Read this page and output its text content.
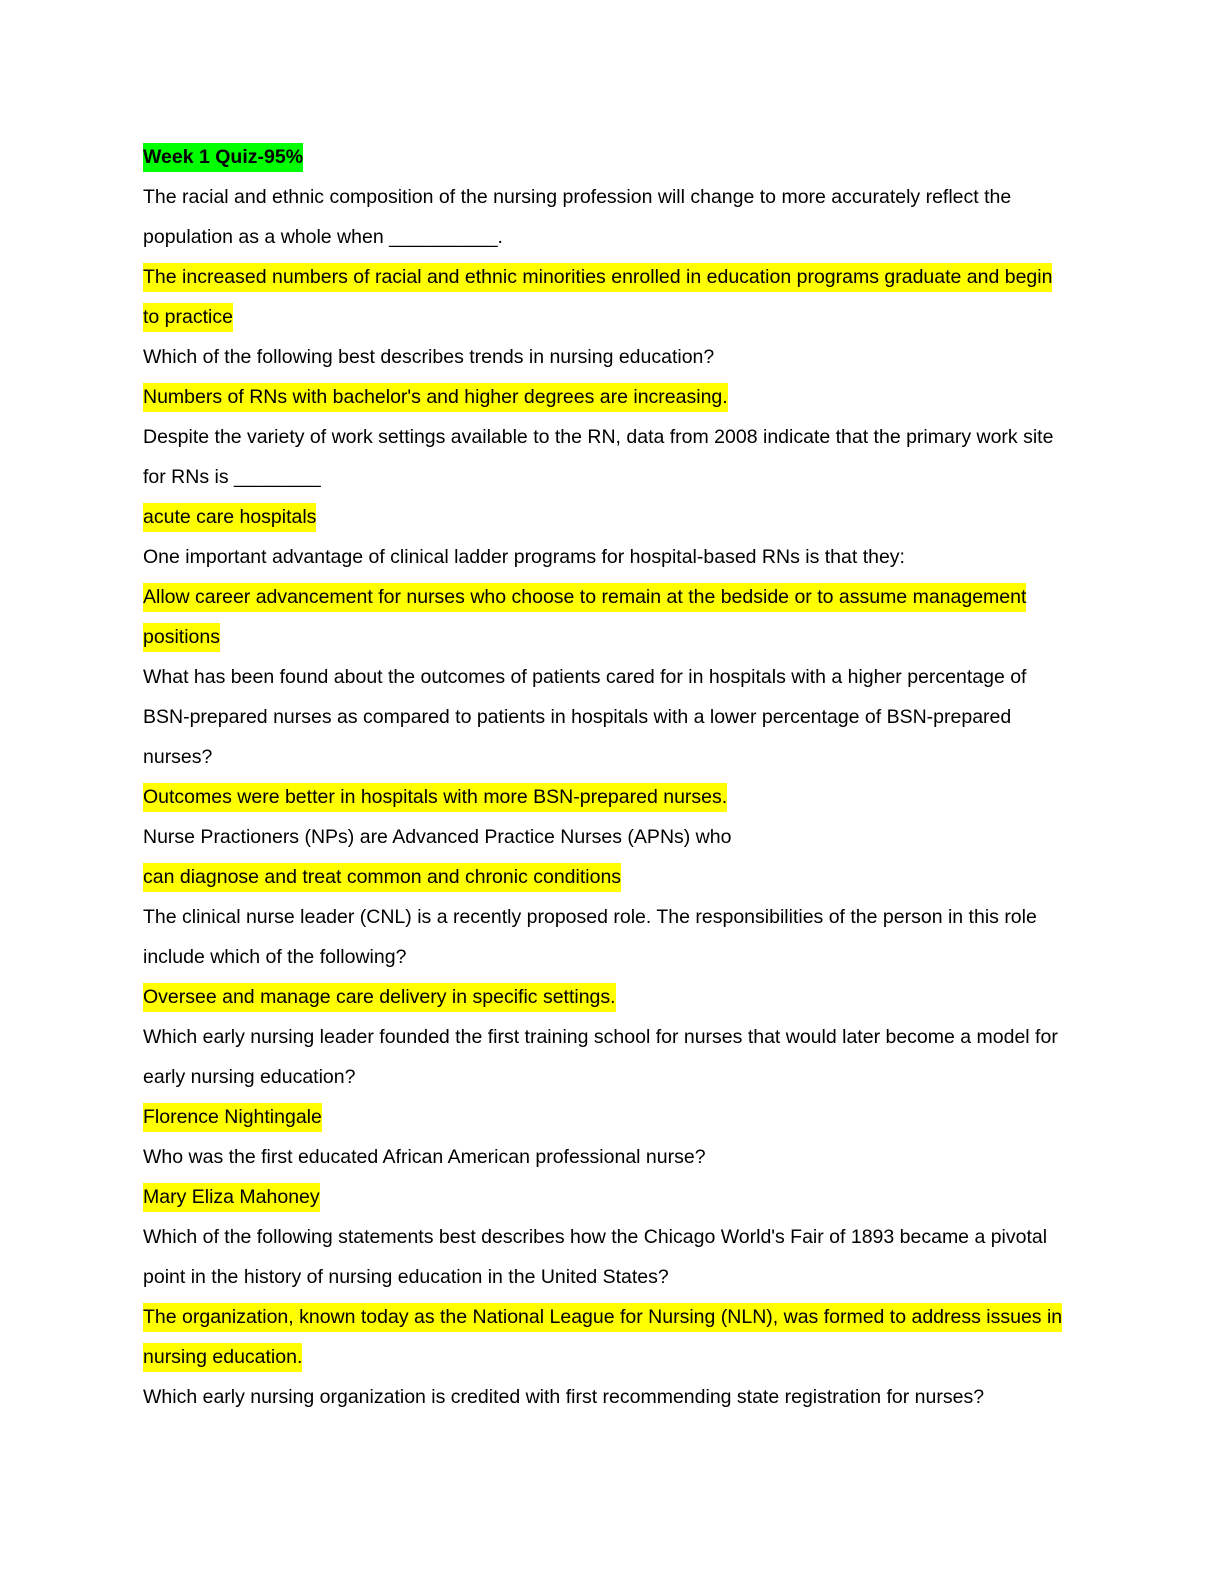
Week 1 Quiz-95%
The racial and ethnic composition of the nursing profession will change to more accurately reflect the population as a whole when __________.
The increased numbers of racial and ethnic minorities enrolled in education programs graduate and begin to practice
Which of the following best describes trends in nursing education?
Numbers of RNs with bachelor's and higher degrees are increasing.
Despite the variety of work settings available to the RN, data from 2008 indicate that the primary work site for RNs is ________
acute care hospitals
One important advantage of clinical ladder programs for hospital-based RNs is that they:
Allow career advancement for nurses who choose to remain at the bedside or to assume management positions
What has been found about the outcomes of patients cared for in hospitals with a higher percentage of BSN-prepared nurses as compared to patients in hospitals with a lower percentage of BSN-prepared nurses?
Outcomes were better in hospitals with more BSN-prepared nurses.
Nurse Practioners (NPs) are Advanced Practice Nurses (APNs) who
can diagnose and treat common and chronic conditions
The clinical nurse leader (CNL) is a recently proposed role. The responsibilities of the person in this role include which of the following?
Oversee and manage care delivery in specific settings.
Which early nursing leader founded the first training school for nurses that would later become a model for early nursing education?
Florence Nightingale
Who was the first educated African American professional nurse?
Mary Eliza Mahoney
Which of the following statements best describes how the Chicago World's Fair of 1893 became a pivotal point in the history of nursing education in the United States?
The organization, known today as the National League for Nursing (NLN), was formed to address issues in nursing education.
Which early nursing organization is credited with first recommending state registration for nurses?
